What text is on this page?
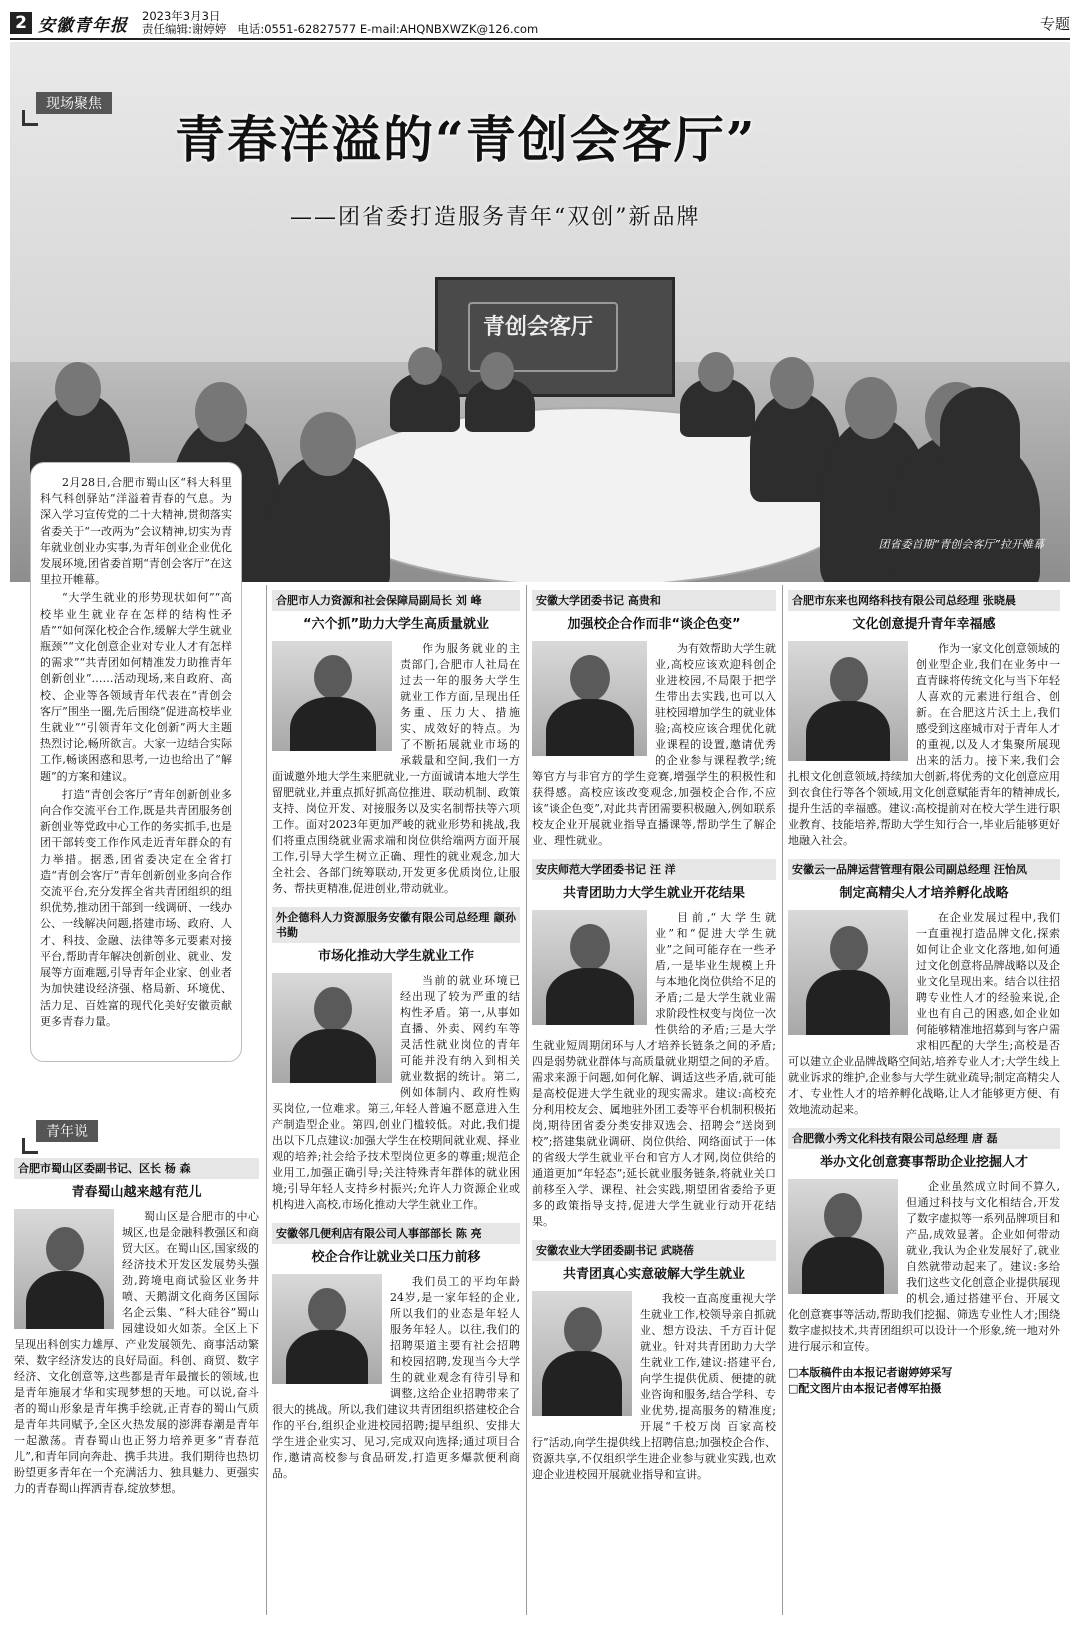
2 安徽青年报 2023年3月3日
责任编辑:谢婷婷 电话:0551-62827577 E-mail:AHQNBXWZK@126.com	专题
青创会客厅
团省委首期“青创会客厅”拉开帷幕
现场聚焦
青春洋溢的“青创会客厅”
——团省委打造服务青年“双创”新品牌

2月28日,合肥市蜀山区“科大科里科气科创驿站”洋溢着青春的气息。为深入学习宣传党的二十大精神,贯彻落实省委关于“一改两为”会议精神,切实为青年就业创业办实事,为青年创业企业优化发展环境,团省委首期“青创会客厅”在这里拉开帷幕。

“大学生就业的形势现状如何”“高校毕业生就业存在怎样的结构性矛盾”“如何深化校企合作,缓解大学生就业瓶颈”“文化创意企业对专业人才有怎样的需求”“共青团如何精准发力助推青年创新创业”……活动现场,来自政府、高校、企业等各领域青年代表在“青创会客厅”围坐一圈,先后围绕“促进高校毕业生就业”“引领青年文化创新”两大主题热烈讨论,畅所欲言。大家一边结合实际工作,畅谈困惑和思考,一边也给出了“解题”的方案和建议。

打造“青创会客厅”青年创新创业多向合作交流平台工作,既是共青团服务创新创业等党政中心工作的务实抓手,也是团干部转变工作作风走近青年群众的有力举措。据悉,团省委决定在全省打造“青创会客厅”青年创新创业多向合作交流平台,充分发挥全省共青团组织的组织优势,推动团干部到一线调研、一线办公、一线解决问题,搭建市场、政府、人才、科技、金融、法律等多元要素对接平台,帮助青年解决创新创业、就业、发展等方面难题,引导青年企业家、创业者为加快建设经济强、格局新、环境优、活力足、百姓富的现代化美好安徽贡献更多青春力量。

青年说
合肥市蜀山区委副书记、区长 杨 森
青春蜀山越来越有范儿
蜀山区是合肥市的中心城区,也是金融科教强区和商贸大区。在蜀山区,国家级的经济技术开发区发展势头强劲,跨境电商试验区业务井喷、天鹅湖文化商务区国际名企云集、“科大硅谷”蜀山园建设如火如荼。全区上下呈现出科创实力雄厚、产业发展领先、商事活动繁荣、数字经济发达的良好局面。科创、商贸、数字经济、文化创意等,这些都是青年最擅长的领域,也是青年施展才华和实现梦想的天地。可以说,奋斗者的蜀山形象是青年携手绘就,正青春的蜀山气质是青年共同赋予,全区火热发展的澎湃春潮是青年一起激荡。青春蜀山也正努力培养更多“青春范儿”,和青年同向奔赴、携手共进。我们期待也热切盼望更多青年在一个充满活力、独具魅力、更强实力的青春蜀山挥洒青春,绽放梦想。
合肥市人力资源和社会保障局副局长 刘 峰
“六个抓”助力大学生高质量就业
作为服务就业的主责部门,合肥市人社局在过去一年的服务大学生就业工作方面,呈现出任务重、压力大、措施实、成效好的特点。为了不断拓展就业市场的承载量和空间,我们一方面诚邀外地大学生来肥就业,一方面诚请本地大学生留肥就业,并重点抓好抓高位推进、联动机制、政策支持、岗位开发、对接服务以及实名制帮扶等六项工作。面对2023年更加严峻的就业形势和挑战,我们将重点围绕就业需求端和岗位供给端两方面开展工作,引导大学生树立正确、理性的就业观念,加大全社会、各部门统筹联动,开发更多优质岗位,让服务、帮扶更精准,促进创业,带动就业。
外企德科人力资源服务安徽有限公司总经理 颛孙书勤
市场化推动大学生就业工作
当前的就业环境已经出现了较为严重的结构性矛盾。第一,从事如直播、外卖、网约车等灵活性就业岗位的青年可能并没有纳入到相关就业数据的统计。第二,例如体制内、政府性购买岗位,一位难求。第三,年轻人普遍不愿意进入生产制造型企业。第四,创业门槛较低。对此,我们提出以下几点建议:加强大学生在校期间就业观、择业观的培养;社会给予技术型岗位更多的尊重;规范企业用工,加强正确引导;关注特殊青年群体的就业困境;引导年轻人支持乡村振兴;允许人力资源企业或机构进入高校,市场化推动大学生就业工作。
安徽邻几便利店有限公司人事部部长 陈 亮
校企合作让就业关口压力前移
我们员工的平均年龄24岁,是一家年轻的企业,所以我们的业态是年轻人服务年轻人。以往,我们的招聘渠道主要有社会招聘和校园招聘,发现当今大学生的就业观念有待引导和调整,这给企业招聘带来了很大的挑战。所以,我们建议共青团组织搭建校企合作的平台,组织企业进校园招聘;提早组织、安排大学生进企业实习、见习,完成双向选择;通过项目合作,邀请高校参与食品研发,打造更多爆款便利商品。
安徽大学团委书记 高贵和
加强校企合作而非“谈企色变”
为有效帮助大学生就业,高校应该欢迎科创企业进校园,不局限于把学生带出去实践,也可以入驻校园增加学生的就业体验;高校应该合理优化就业课程的设置,邀请优秀的企业参与课程教学;统筹官方与非官方的学生竞赛,增强学生的积极性和获得感。高校应该改变观念,加强校企合作,不应该“谈企色变”,对此共青团需要积极融入,例如联系校友企业开展就业指导直播课等,帮助学生了解企业、理性就业。
安庆师范大学团委书记 汪 洋
共青团助力大学生就业开花结果
目前,“大学生就业”和“促进大学生就业”之间可能存在一些矛盾,一是毕业生规模上升与本地化岗位供给不足的矛盾;二是大学生就业需求阶段性权变与岗位一次性供给的矛盾;三是大学生就业短周期闭环与人才培养长链条之间的矛盾;四是弱势就业群体与高质量就业期望之间的矛盾。需求来源于问题,如何化解、调适这些矛盾,就可能是高校促进大学生就业的现实需求。建议:高校充分利用校友会、属地驻外团工委等平台机制积极拓岗,期待团省委分类安排双选会、招聘会“送岗到校”;搭建集就业调研、岗位供给、网络面试于一体的省级大学生就业平台和官方人才网,岗位供给的通道更加“年轻态”;延长就业服务链条,将就业关口前移至入学、课程、社会实践,期望团省委给予更多的政策指导支持,促进大学生就业行动开花结果。
安徽农业大学团委副书记 武晓蓓
共青团真心实意破解大学生就业
我校一直高度重视大学生就业工作,校领导亲自抓就业、想方设法、千方百计促就业。针对共青团助力大学生就业工作,建议:搭建平台,向学生提供优质、便捷的就业咨询和服务,结合学科、专业优势,提高服务的精准度;开展“千校万岗 百家高校行”活动,向学生提供线上招聘信息;加强校企合作、资源共享,不仅组织学生进企业参与就业实践,也欢迎企业进校园开展就业指导和宣讲。
合肥市东来也网络科技有限公司总经理 张晓晨
文化创意提升青年幸福感
作为一家文化创意领域的创业型企业,我们在业务中一直青睐将传统文化与当下年轻人喜欢的元素进行组合、创新。在合肥这片沃土上,我们感受到这座城市对于青年人才的重视,以及人才集聚所展现出来的活力。接下来,我们会扎根文化创意领域,持续加大创新,将优秀的文化创意应用到衣食住行等各个领域,用文化创意赋能青年的精神成长,提升生活的幸福感。建议:高校提前对在校大学生进行职业教育、技能培养,帮助大学生知行合一,毕业后能够更好地融入社会。
安徽云一品牌运营管理有限公司副总经理 汪怡凤
制定高精尖人才培养孵化战略
在企业发展过程中,我们一直重视打造品牌文化,探索如何让企业文化落地,如何通过文化创意将品牌战略以及企业文化呈现出来。结合以往招聘专业性人才的经验来说,企业也有自己的困惑,如企业如何能够精准地招募到与客户需求相匹配的大学生;高校是否可以建立企业品牌战略空间站,培养专业人才;大学生线上就业诉求的维护,企业参与大学生就业疏导;制定高精尖人才、专业性人才的培养孵化战略,让人才能够更方便、有效地流动起来。
合肥微小秀文化科技有限公司总经理 唐 磊
举办文化创意赛事帮助企业挖掘人才
企业虽然成立时间不算久,但通过科技与文化相结合,开发了数字虚拟等一系列品牌项目和产品,成效显著。企业如何带动就业,我认为企业发展好了,就业自然就带动起来了。建议:多给我们这些文化创意企业提供展现的机会,通过搭建平台、开展文化创意赛事等活动,帮助我们挖掘、筛选专业性人才;围绕数字虚拟技术,共青团组织可以设计一个形象,统一地对外进行展示和宣传。
□本版稿件由本报记者谢婷婷采写
□配文图片由本报记者傅军拍摄
